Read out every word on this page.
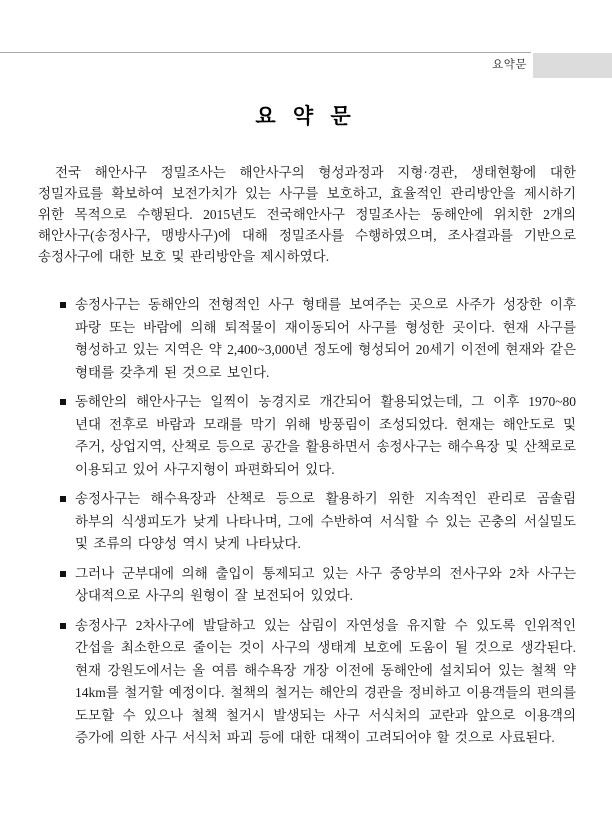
요약문
요 약 문

전국 해안사구 정밀조사는 해안사구의 형성과정과 지형·경관, 생태현황에 대한 정밀자료를 확보하여 보전가치가 있는 사구를 보호하고, 효율적인 관리방안을 제시하기 위한 목적으로 수행된다. 2015년도 전국해안사구 정밀조사는 동해안에 위치한 2개의 해안사구(송정사구, 맹방사구)에 대해 정밀조사를 수행하였으며, 조사결과를 기반으로 송정사구에 대한 보호 및 관리방안을 제시하였다.

송정사구는 동해안의 전형적인 사구 형태를 보여주는 곳으로 사주가 성장한 이후 파랑 또는 바람에 의해 퇴적물이 재이동되어 사구를 형성한 곳이다. 현재 사구를 형성하고 있는 지역은 약 2,400~3,000년 정도에 형성되어 20세기 이전에 현재와 같은 형태를 갖추게 된 것으로 보인다.
동해안의 해안사구는 일찍이 농경지로 개간되어 활용되었는데, 그 이후 1970~80 년대 전후로 바람과 모래를 막기 위해 방풍림이 조성되었다. 현재는 해안도로 및 주거, 상업지역, 산책로 등으로 공간을 활용하면서 송정사구는 해수욕장 및 산책로로 이용되고 있어 사구지형이 파편화되어 있다.
송정사구는 해수욕장과 산책로 등으로 활용하기 위한 지속적인 관리로 곰솔림 하부의 식생피도가 낮게 나타나며, 그에 수반하여 서식할 수 있는 곤충의 서실밀도 및 조류의 다양성 역시 낮게 나타났다.
그러나 군부대에 의해 출입이 통제되고 있는 사구 중앙부의 전사구와 2차 사구는 상대적으로 사구의 원형이 잘 보전되어 있었다.
송정사구 2차사구에 발달하고 있는 삼림이 자연성을 유지할 수 있도록 인위적인 간섭을 최소한으로 줄이는 것이 사구의 생태계 보호에 도움이 될 것으로 생각된다. 현재 강원도에서는 올 여름 해수욕장 개장 이전에 동해안에 설치되어 있는 철책 약 14km를 철거할 예정이다. 철책의 철거는 해안의 경관을 정비하고 이용객들의 편의를 도모할 수 있으나 철책 철거시 발생되는 사구 서식처의 교란과 앞으로 이용객의 증가에 의한 사구 서식처 파괴 등에 대한 대책이 고려되어야 할 것으로 사료된다.
